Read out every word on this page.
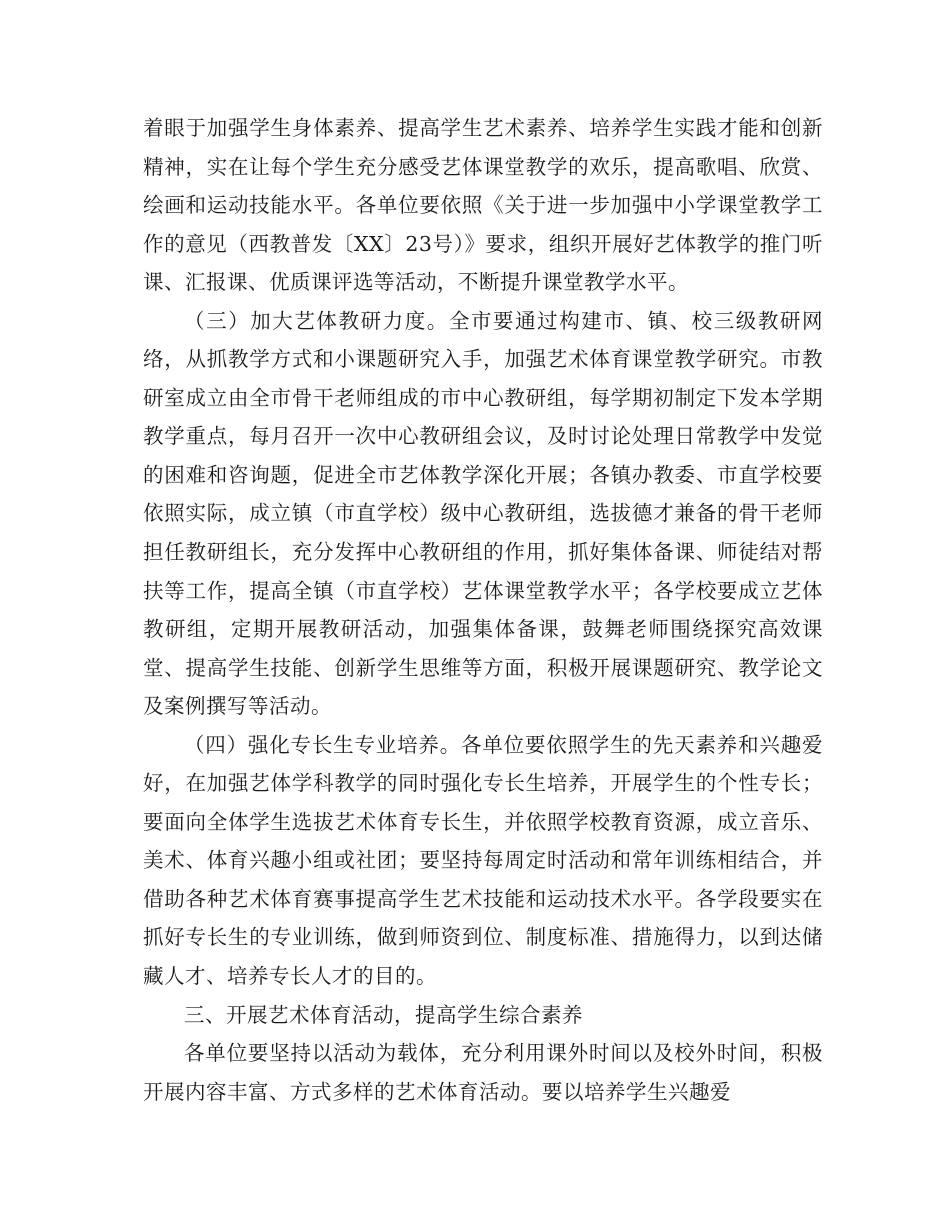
着眼于加强学生身体素养、提高学生艺术素养、培养学生实践才能和创新精神，实在让每个学生充分感受艺体课堂教学的欢乐，提高歌唱、欣赏、绘画和运动技能水平。各单位要依照《关于进一步加强中小学课堂教学工作的意见（西教普发〔XX〕23号）》要求，组织开展好艺体教学的推门听课、汇报课、优质课评选等活动，不断提升课堂教学水平。

（三）加大艺体教研力度。全市要通过构建市、镇、校三级教研网络，从抓教学方式和小课题研究入手，加强艺术体育课堂教学研究。市教研室成立由全市骨干老师组成的市中心教研组，每学期初制定下发本学期教学重点，每月召开一次中心教研组会议，及时讨论处理日常教学中发觉的困难和咨询题，促进全市艺体教学深化开展；各镇办教委、市直学校要依照实际，成立镇（市直学校）级中心教研组，选拔德才兼备的骨干老师担任教研组长，充分发挥中心教研组的作用，抓好集体备课、师徒结对帮扶等工作，提高全镇（市直学校）艺体课堂教学水平；各学校要成立艺体教研组，定期开展教研活动，加强集体备课，鼓舞老师围绕探究高效课堂、提高学生技能、创新学生思维等方面，积极开展课题研究、教学论文及案例撰写等活动。

（四）强化专长生专业培养。各单位要依照学生的先天素养和兴趣爱好，在加强艺体学科教学的同时强化专长生培养，开展学生的个性专长；要面向全体学生选拔艺术体育专长生，并依照学校教育资源，成立音乐、美术、体育兴趣小组或社团；要坚持每周定时活动和常年训练相结合，并借助各种艺术体育赛事提高学生艺术技能和运动技术水平。各学段要实在抓好专长生的专业训练，做到师资到位、制度标准、措施得力，以到达储藏人才、培养专长人才的目的。

三、开展艺术体育活动，提高学生综合素养

各单位要坚持以活动为载体，充分利用课外时间以及校外时间，积极开展内容丰富、方式多样的艺术体育活动。要以培养学生兴趣爱
